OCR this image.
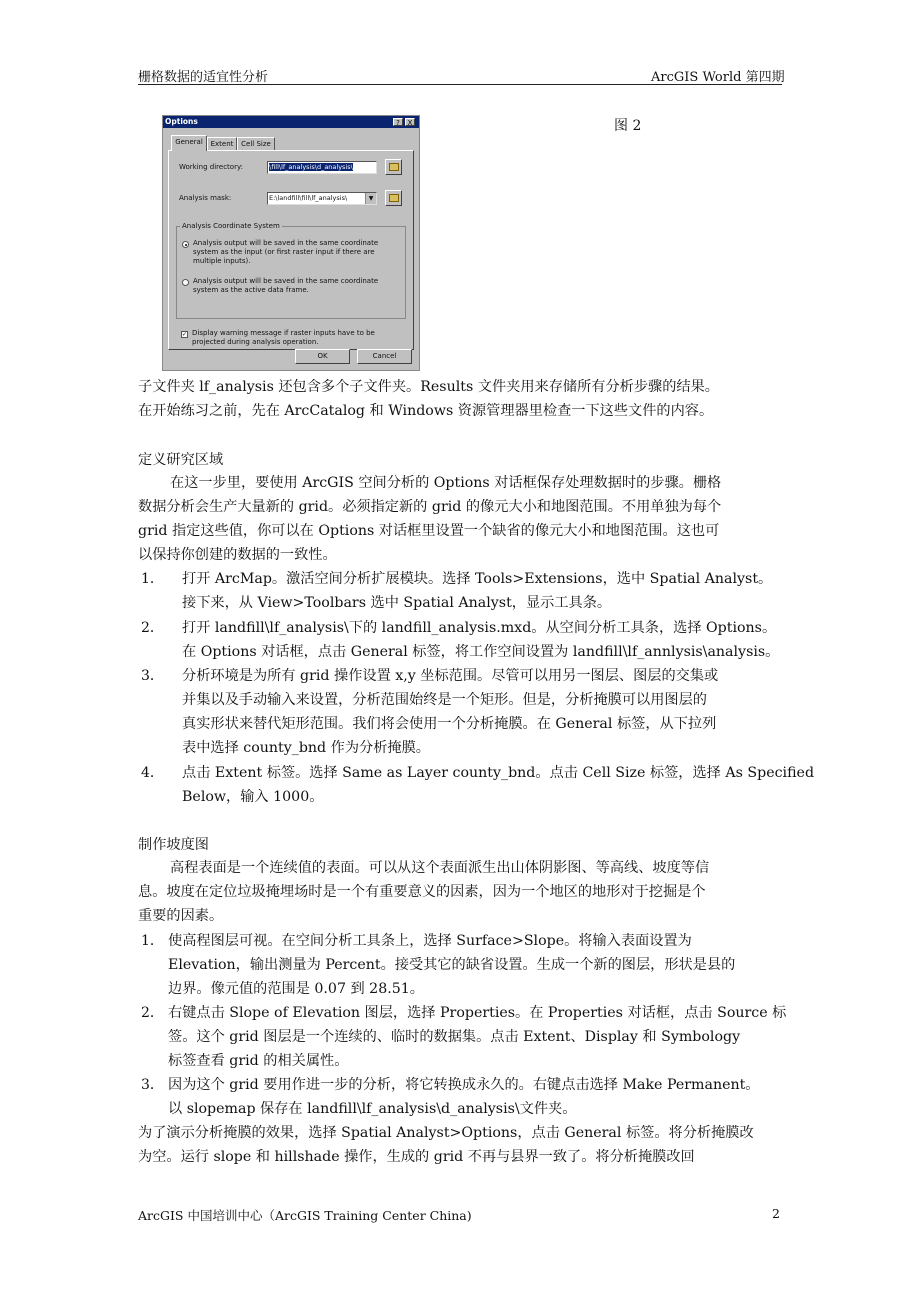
栅格数据的适宜性分析	ArcGIS World 第四期
图 2
Options	?	X
General	Extent	Cell Size
Working directory:	\fill\lf_analysis\d_analysis\
Analysis mask:	E:\landfill\fill\lf_analysis\	▼
Analysis Coordinate System
Analysis output will be saved in the same coordinate system as the input (or first raster input if there are multiple inputs).
Analysis output will be saved in the same coordinate system as the active data frame.
✓ Display warning message if raster inputs have to be projected during analysis operation.
OK	Cancel
子文件夹 lf_analysis 还包含多个子文件夹。Results 文件夹用来存储所有分析步骤的结果。
在开始练习之前，先在 ArcCatalog 和 Windows 资源管理器里检查一下这些文件的内容。
定义研究区域
在这一步里，要使用 ArcGIS 空间分析的 Options 对话框保存处理数据时的步骤。栅格
数据分析会生产大量新的 grid。必须指定新的 grid 的像元大小和地图范围。不用单独为每个
grid 指定这些值，你可以在 Options 对话框里设置一个缺省的像元大小和地图范围。这也可
以保持你创建的数据的一致性。
1． 打开 ArcMap。激活空间分析扩展模块。选择 Tools>Extensions，选中 Spatial Analyst。
接下来，从 View>Toolbars 选中 Spatial Analyst，显示工具条。
2． 打开 landfill\lf_analysis\下的 landfill_analysis.mxd。从空间分析工具条，选择 Options。
在 Options 对话框，点击 General 标签，将工作空间设置为 landfill\lf_annlysis\analysis。
3． 分析环境是为所有 grid 操作设置 x,y 坐标范围。尽管可以用另一图层、图层的交集或
并集以及手动输入来设置，分析范围始终是一个矩形。但是，分析掩膜可以用图层的
真实形状来替代矩形范围。我们将会使用一个分析掩膜。在 General 标签，从下拉列
表中选择 county_bnd 作为分析掩膜。
4． 点击 Extent 标签。选择 Same as Layer county_bnd。点击 Cell Size 标签，选择 As Specified
Below，输入 1000。
制作坡度图
高程表面是一个连续值的表面。可以从这个表面派生出山体阴影图、等高线、坡度等信
息。坡度在定位垃圾掩埋场时是一个有重要意义的因素，因为一个地区的地形对于挖掘是个
重要的因素。
1． 使高程图层可视。在空间分析工具条上，选择 Surface>Slope。将输入表面设置为
Elevation，输出测量为 Percent。接受其它的缺省设置。生成一个新的图层，形状是县的
边界。像元值的范围是 0.07 到 28.51。
2． 右键点击 Slope of Elevation 图层，选择 Properties。在 Properties 对话框，点击 Source 标
签。这个 grid 图层是一个连续的、临时的数据集。点击 Extent、Display 和 Symbology
标签查看 grid 的相关属性。
3． 因为这个 grid 要用作进一步的分析，将它转换成永久的。右键点击选择 Make Permanent。
以 slopemap 保存在 landfill\lf_analysis\d_analysis\文件夹。
为了演示分析掩膜的效果，选择 Spatial Analyst>Options，点击 General 标签。将分析掩膜改
为空。运行 slope 和 hillshade 操作，生成的 grid 不再与县界一致了。将分析掩膜改回
ArcGIS 中国培训中心（ArcGIS Training Center China)	2
